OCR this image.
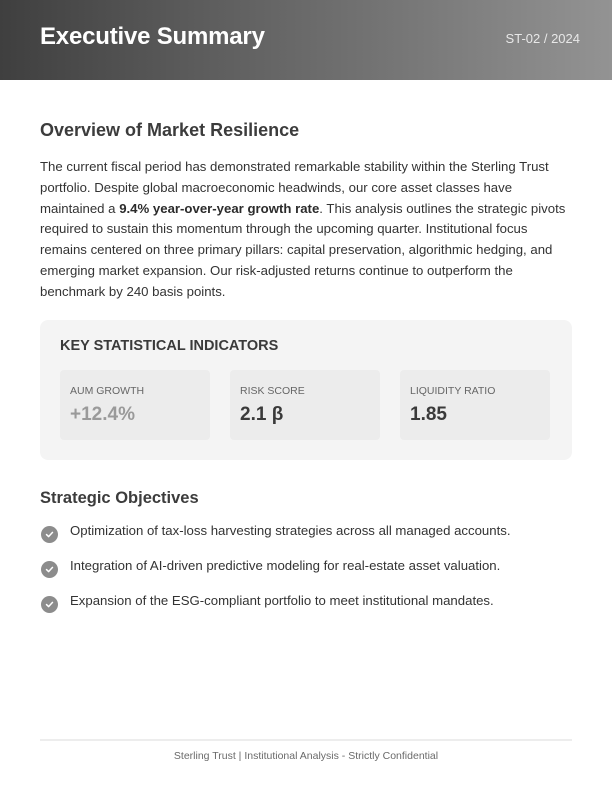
Executive Summary	ST-02 / 2024
Overview of Market Resilience

The current fiscal period has demonstrated remarkable stability within the Sterling Trust portfolio. Despite global macroeconomic headwinds, our core asset classes have maintained a 9.4% year-over-year growth rate. This analysis outlines the strategic pivots required to sustain this momentum through the upcoming quarter. Institutional focus remains centered on three primary pillars: capital preservation, algorithmic hedging, and emerging market expansion. Our risk-adjusted returns continue to outperform the benchmark by 240 basis points.

KEY STATISTICAL INDICATORS
AUM GROWTH
+12.4%
RISK SCORE
2.1 β
LIQUIDITY RATIO
1.85
Strategic Objectives
Optimization of tax-loss harvesting strategies across all managed accounts.
Integration of AI-driven predictive modeling for real-estate asset valuation.
Expansion of the ESG-compliant portfolio to meet institutional mandates.
Sterling Trust | Institutional Analysis - Strictly Confidential
